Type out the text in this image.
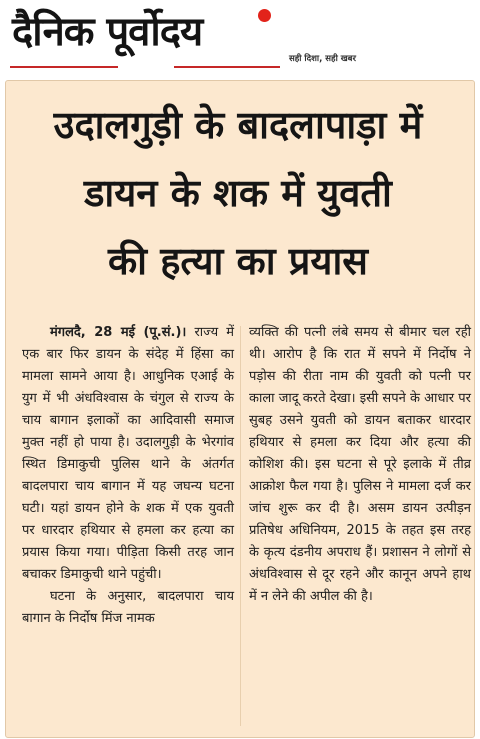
दैनिक पूर्वोदय
सही दिशा, सही खबर
उदालगुड़ी के बादलापाड़ा में
डायन के शक में युवती
की हत्या का प्रयास

मंगलदै, 28 मई (पू.सं.)। राज्य में एक बार फिर डायन के संदेह में हिंसा का मामला सामने आया है। आधुनिक एआई के युग में भी अंधविश्वास के चंगुल से राज्य के चाय बागान इलाकों का आदिवासी समाज मुक्त नहीं हो पाया है। उदालगुड़ी के भेरगांव स्थित डिमाकुची पुलिस थाने के अंतर्गत बादलपारा चाय बागान में यह जघन्य घटना घटी। यहां डायन होने के शक में एक युवती पर धारदार हथियार से हमला कर हत्या का प्रयास किया गया। पीड़िता किसी तरह जान बचाकर डिमाकुची थाने पहुंची।

घटना के अनुसार, बादलपारा चाय बागान के निर्दोष मिंज नामक

व्यक्ति की पत्नी लंबे समय से बीमार चल रही थी। आरोप है कि रात में सपने में निर्दोष ने पड़ोस की रीता नाम की युवती को पत्नी पर काला जादू करते देखा। इसी सपने के आधार पर सुबह उसने युवती को डायन बताकर धारदार हथियार से हमला कर दिया और हत्या की कोशिश की। इस घटना से पूरे इलाके में तीव्र आक्रोश फैल गया है। पुलिस ने मामला दर्ज कर जांच शुरू कर दी है। असम डायन उत्पीड़न प्रतिषेध अधिनियम, 2015 के तहत इस तरह के कृत्य दंडनीय अपराध हैं। प्रशासन ने लोगों से अंधविश्वास से दूर रहने और कानून अपने हाथ में न लेने की अपील की है।
